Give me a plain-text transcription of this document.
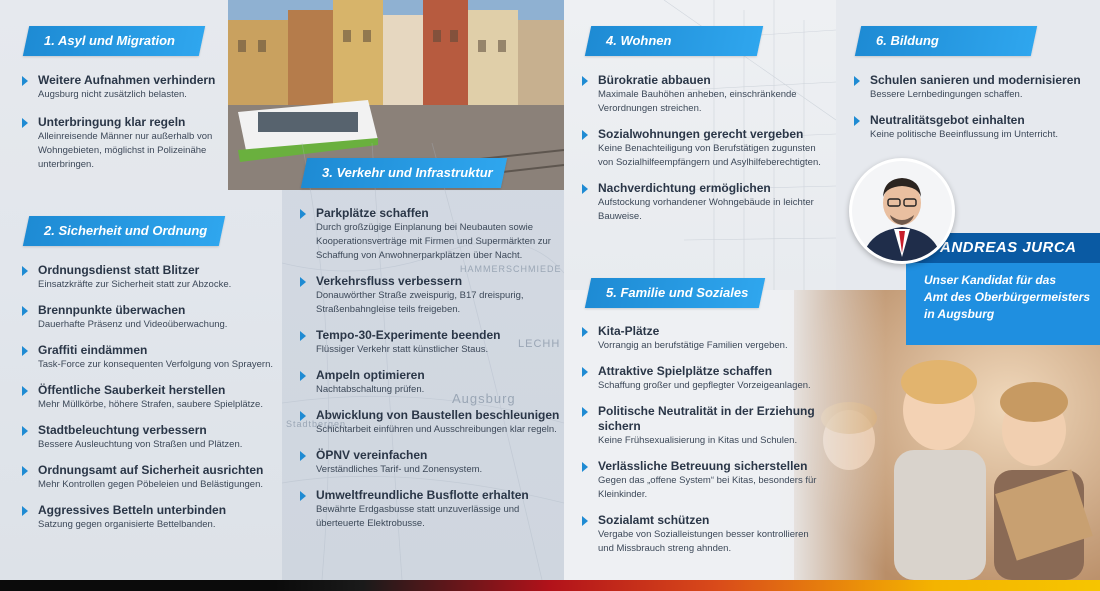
HAMMERSCHMIEDE
LECHH
Augsburg
Stadtbergen
1. Asyl und Migration
Weitere Aufnahmen verhindern
Augsburg nicht zusätzlich belasten.
Unterbringung klar regeln
Alleinreisende Männer nur außerhalb von Wohngebieten, möglichst in Polizeinähe unterbringen.
2. Sicherheit und Ordnung
Ordnungsdienst statt Blitzer
Einsatzkräfte zur Sicherheit statt zur Abzocke.
Brennpunkte überwachen
Dauerhafte Präsenz und Videoüberwachung.
Graffiti eindämmen
Task-Force zur konsequenten Verfolgung von Sprayern.
Öffentliche Sauberkeit herstellen
Mehr Müllkörbe, höhere Strafen, saubere Spielplätze.
Stadtbeleuchtung verbessern
Bessere Ausleuchtung von Straßen und Plätzen.
Ordnungsamt auf Sicherheit ausrichten
Mehr Kontrollen gegen Pöbeleien und Belästigungen.
Aggressives Betteln unterbinden
Satzung gegen organisierte Bettelbanden.
3. Verkehr und Infrastruktur
Parkplätze schaffen
Durch großzügige Einplanung bei Neubauten sowie Kooperationsverträge mit Firmen und Supermärkten zur Schaffung von Anwohnerparkplätzen über Nacht.
Verkehrsfluss verbessern
Donauwörther Straße zweispurig, B17 dreispurig, Straßenbahngleise teils freigeben.
Tempo-30-Experimente beenden
Flüssiger Verkehr statt künstlicher Staus.
Ampeln optimieren
Nachtabschaltung prüfen.
Abwicklung von Baustellen beschleunigen
Schichtarbeit einführen und Ausschreibungen klar regeln.
ÖPNV vereinfachen
Verständliches Tarif- und Zonensystem.
Umweltfreundliche Busflotte erhalten
Bewährte Erdgasbusse statt unzuverlässige und überteuerte Elektrobusse.
4. Wohnen
Bürokratie abbauen
Maximale Bauhöhen anheben, einschränkende Verordnungen streichen.
Sozialwohnungen gerecht vergeben
Keine Benachteiligung von Berufstätigen zugunsten von Sozialhilfeempfängern und Asylhilfeberechtigten.
Nachverdichtung ermöglichen
Aufstockung vorhandener Wohngebäude in leichter Bauweise.
5. Familie und Soziales
Kita-Plätze
Vorrangig an berufstätige Familien vergeben.
Attraktive Spielplätze schaffen
Schaffung großer und gepflegter Vorzeigeanlagen.
Politische Neutralität in der Erziehung sichern
Keine Frühsexualisierung in Kitas und Schulen.
Verlässliche Betreuung sicherstellen
Gegen das „offene System“ bei Kitas, besonders für Kleinkinder.
Sozialamt schützen
Vergabe von Sozialleistungen besser kontrollieren und Missbrauch streng ahnden.
6. Bildung
Schulen sanieren und modernisieren
Bessere Lernbedingungen schaffen.
Neutralitätsgebot einhalten
Keine politische Beeinflussung im Unterricht.
Unser Kandidat für das
Amt des Oberbürgermeisters
in Augsburg
ANDREAS JURCA
